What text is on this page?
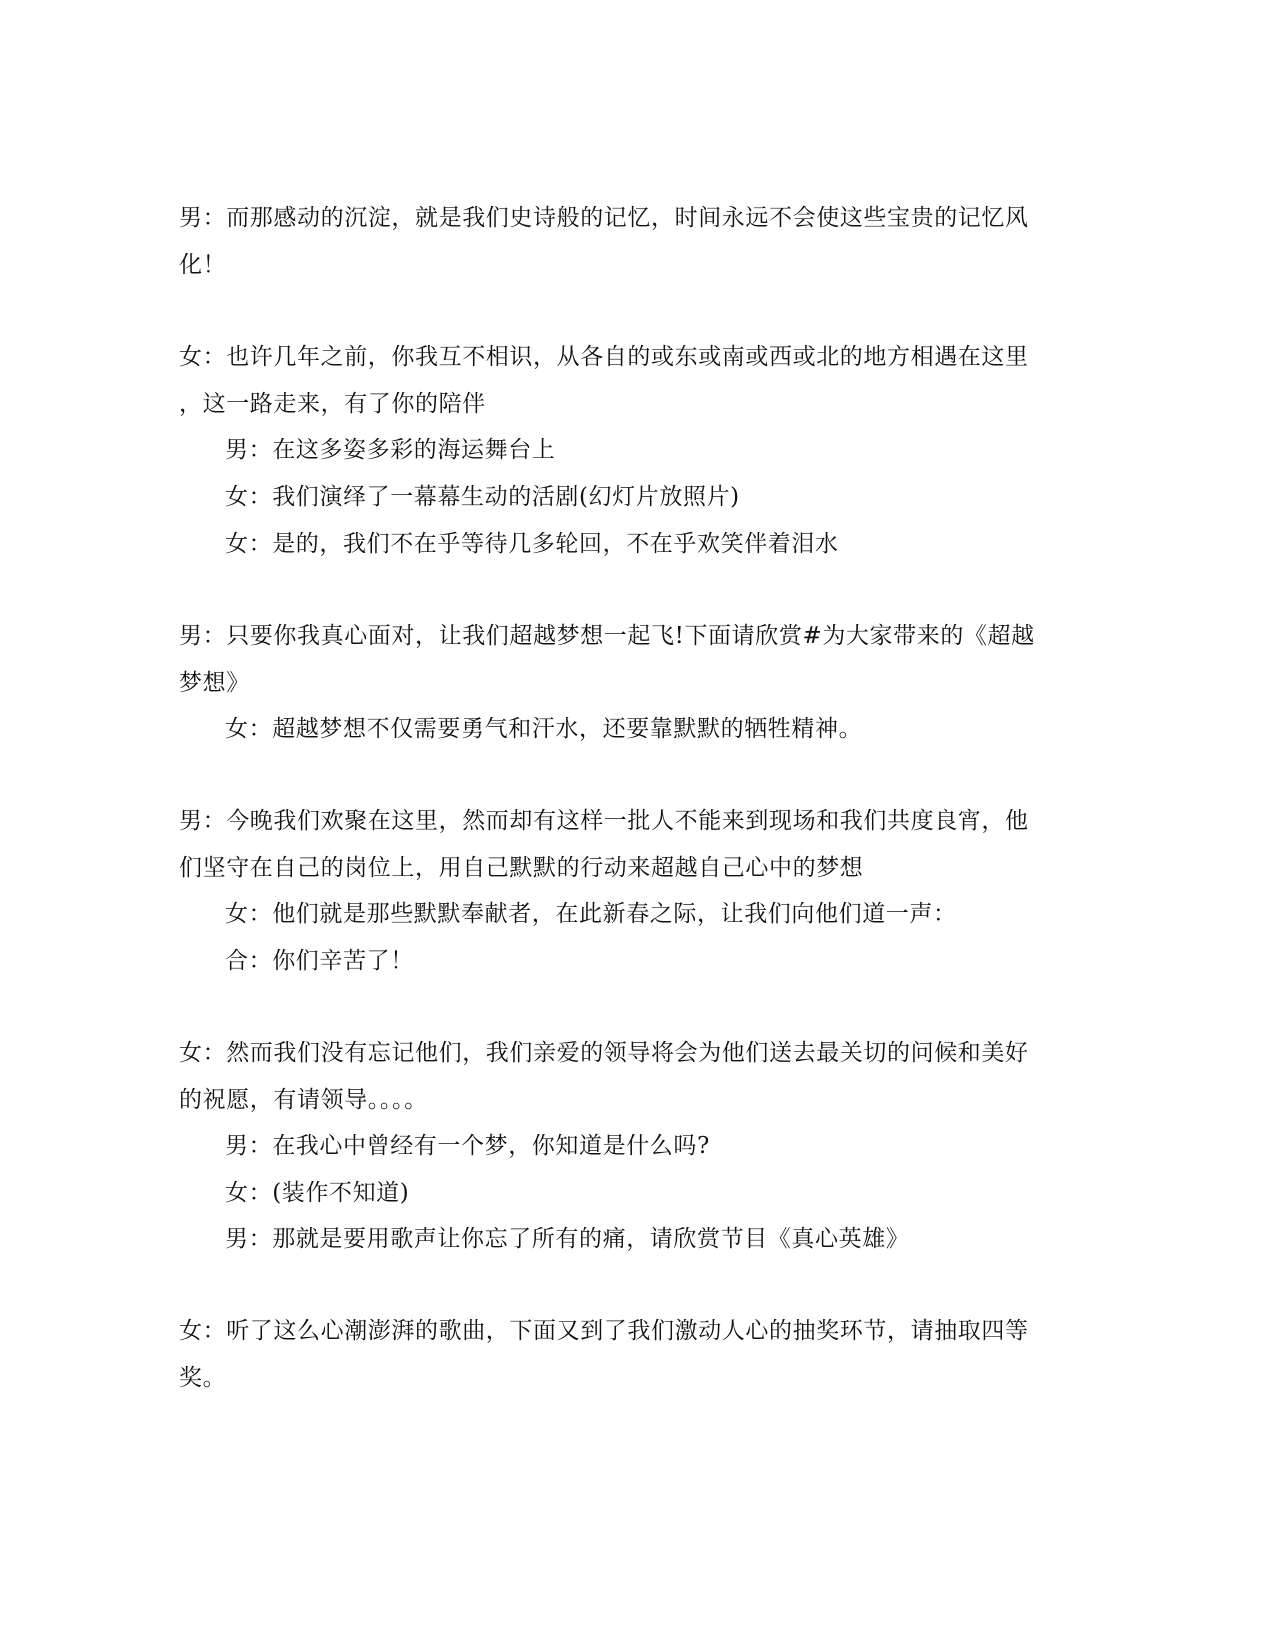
男：而那感动的沉淀，就是我们史诗般的记忆，时间永远不会使这些宝贵的记忆风
化！
女：也许几年之前，你我互不相识，从各自的或东或南或西或北的地方相遇在这里
，这一路走来，有了你的陪伴
男：在这多姿多彩的海运舞台上
女：我们演绎了一幕幕生动的活剧(幻灯片放照片)
女：是的，我们不在乎等待几多轮回，不在乎欢笑伴着泪水
男：只要你我真心面对，让我们超越梦想一起飞!下面请欣赏#为大家带来的《超越
梦想》
女：超越梦想不仅需要勇气和汗水，还要靠默默的牺牲精神。
男：今晚我们欢聚在这里，然而却有这样一批人不能来到现场和我们共度良宵，他
们坚守在自己的岗位上，用自己默默的行动来超越自己心中的梦想
女：他们就是那些默默奉献者，在此新春之际，让我们向他们道一声：
合：你们辛苦了！
女：然而我们没有忘记他们，我们亲爱的领导将会为他们送去最关切的问候和美好
的祝愿，有请领导。。。。
男：在我心中曾经有一个梦，你知道是什么吗?
女：(装作不知道)
男：那就是要用歌声让你忘了所有的痛，请欣赏节目《真心英雄》
女：听了这么心潮澎湃的歌曲，下面又到了我们激动人心的抽奖环节，请抽取四等
奖。
